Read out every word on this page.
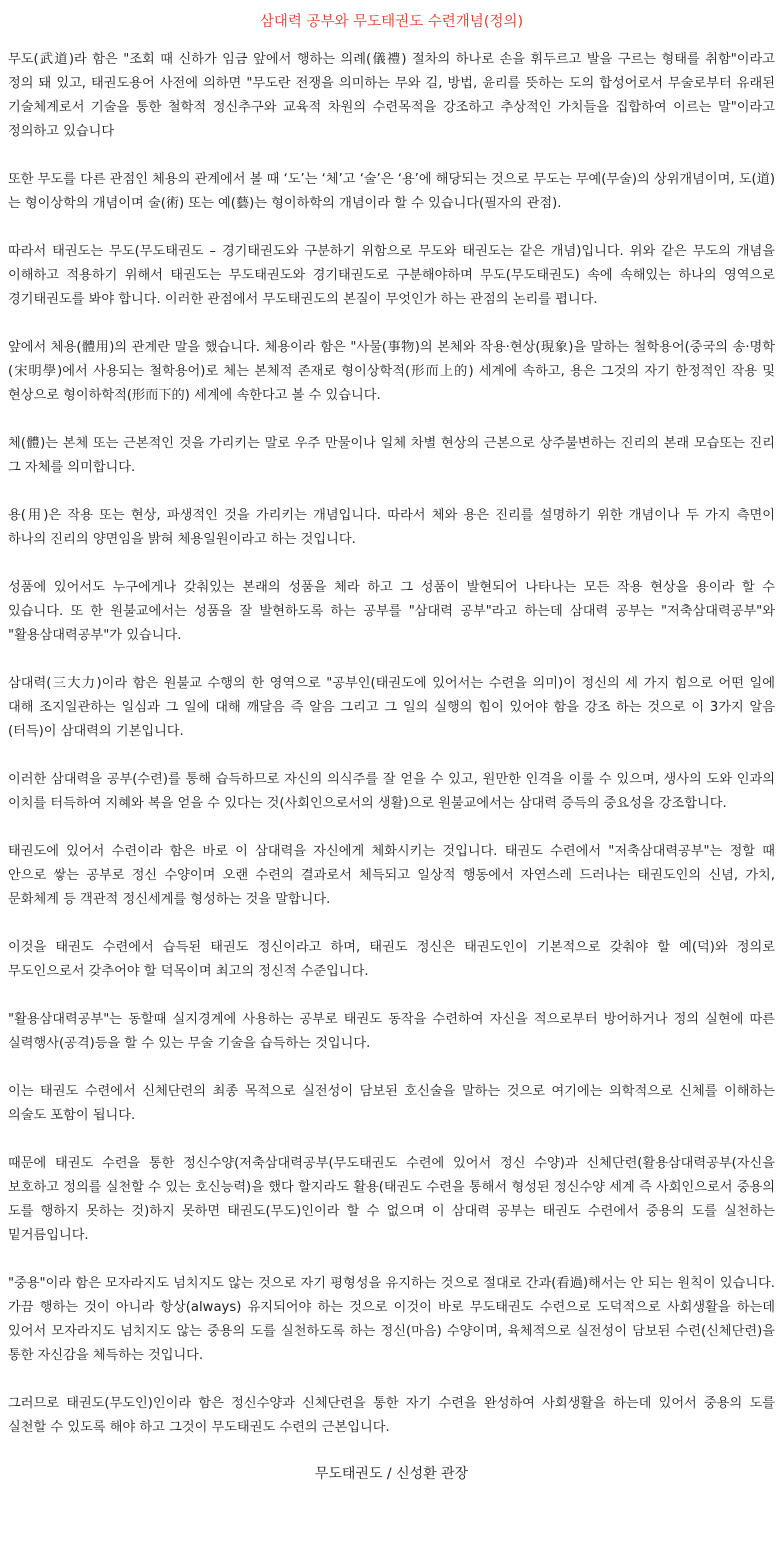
삼대력 공부와 무도태권도 수련개념(정의)
무도(武道)라 함은 "조회 때 신하가 임금 앞에서 행하는 의례(儀禮) 절차의 하나로 손을 휘두르고 발을 구르는 형태를 취함"이라고 정의 돼 있고, 태권도용어 사전에 의하면 "무도란 전쟁을 의미하는 무와 길, 방법, 윤리를 뜻하는 도의 합성어로서 무술로부터 유래된 기술체계로서 기술을 통한 철학적 정신추구와 교육적 차원의 수련목적을 강조하고 추상적인 가치들을 집합하여 이르는 말"이라고 정의하고 있습니다
또한 무도를 다른 관점인 체용의 관계에서 볼 때 ‘도’는 ‘체’고 ‘술’은 ‘용’에 해당되는 것으로 무도는 무예(무술)의 상위개념이며, 도(道)는 형이상학의 개념이며 술(術) 또는 예(藝)는 형이하학의 개념이라 할 수 있습니다(필자의 관점).
따라서 태권도는 무도(무도태권도 – 경기태권도와 구분하기 위함으로 무도와 태권도는 같은 개념)입니다. 위와 같은 무도의 개념을 이해하고 적용하기 위해서 태권도는 무도태권도와 경기태권도로 구분해야하며 무도(무도태권도) 속에 속해있는 하나의 영역으로 경기태권도를 봐야 합니다. 이러한 관점에서 무도태권도의 본질이 무엇인가 하는 관점의 논리를 폅니다.
앞에서 체용(體用)의 관계란 말을 했습니다. 체용이라 함은 "사물(事物)의 본체와 작용·현상(現象)을 말하는 철학용어(중국의 송·명학(宋明學)에서 사용되는 철학용어)로 체는 본체적 존재로 형이상학적(形而上的) 세계에 속하고, 용은 그것의 자기 한정적인 작용 및 현상으로 형이하학적(形而下的) 세계에 속한다고 볼 수 있습니다.
체(體)는 본체 또는 근본적인 것을 가리키는 말로 우주 만물이나 일체 차별 현상의 근본으로 상주불변하는 진리의 본래 모습또는 진리 그 자체를 의미합니다.
용(用)은 작용 또는 현상, 파생적인 것을 가리키는 개념입니다. 따라서 체와 용은 진리를 설명하기 위한 개념이나 두 가지 측면이 하나의 진리의 양면임을 밝혀 체용일원이라고 하는 것입니다.
성품에 있어서도 누구에게나 갖춰있는 본래의 성품을 체라 하고 그 성품이 발현되어 나타나는 모든 작용 현상을 용이라 할 수 있습니다. 또 한 원불교에서는 성품을 잘 발현하도록 하는 공부를 "삼대력 공부"라고 하는데 삼대력 공부는 "저축삼대력공부"와 "활용삼대력공부"가 있습니다.
삼대력(三大力)이라 함은 원불교 수행의 한 영역으로 "공부인(태권도에 있어서는 수련을 의미)이 정신의 세 가지 힘으로 어떤 일에 대해 조지일관하는 일심과 그 일에 대해 깨달음 즉 알음 그리고 그 일의 실행의 힘이 있어야 함을 강조 하는 것으로 이 3가지 알음(터득)이 삼대력의 기본입니다.
이러한 삼대력을 공부(수련)를 통해 습득하므로 자신의 의식주를 잘 얻을 수 있고, 원만한 인격을 이룰 수 있으며, 생사의 도와 인과의 이치를 터득하여 지혜와 복을 얻을 수 있다는 것(사회인으로서의 생활)으로 원불교에서는 삼대력 증득의 중요성을 강조합니다.
태권도에 있어서 수련이라 함은 바로 이 삼대력을 자신에게 체화시키는 것입니다. 태권도 수련에서 "저축삼대력공부"는 정할 때 안으로 쌓는 공부로 정신 수양이며 오랜 수련의 결과로서 체득되고 일상적 행동에서 자연스레 드러나는 태권도인의 신념, 가치, 문화체계 등 객관적 정신세계를 형성하는 것을 말합니다.
이것을 태권도 수련에서 습득된 태권도 정신이라고 하며, 태권도 정신은 태권도인이 기본적으로 갖춰야 할 예(덕)와 정의로 무도인으로서 갖추어야 할 덕목이며 최고의 정신적 수준입니다.
"활용삼대력공부"는 동할때 실지경계에 사용하는 공부로 태권도 동작을 수련하여 자신을 적으로부터 방어하거나 정의 실현에 따른 실력행사(공격)등을 할 수 있는 무술 기술을 습득하는 것입니다.
이는 태권도 수련에서 신체단련의 최종 목적으로 실전성이 담보된 호신술을 말하는 것으로 여기에는 의학적으로 신체를 이해하는 의술도 포함이 됩니다.
때문에 태권도 수련을 통한 정신수양(저축삼대력공부(무도태권도 수련에 있어서 정신 수양)과 신체단련(활용삼대력공부(자신을 보호하고 정의를 실천할 수 있는 호신능력)을 했다 할지라도 활용(태권도 수련을 통해서 형성된 정신수양 세계 즉 사회인으로서 중용의 도를 행하지 못하는 것)하지 못하면 태권도(무도)인이라 할 수 없으며 이 삼대력 공부는 태권도 수련에서 중용의 도를 실천하는 밑거름입니다.
"중용"이라 함은 모자라지도 넘치지도 않는 것으로 자기 평형성을 유지하는 것으로 절대로 간과(看過)해서는 안 되는 원칙이 있습니다. 가끔 행하는 것이 아니라 항상(always) 유지되어야 하는 것으로 이것이 바로 무도태권도 수련으로 도덕적으로 사회생활을 하는데 있어서 모자라지도 넘치지도 않는 중용의 도를 실천하도록 하는 정신(마음) 수양이며, 육체적으로 실전성이 담보된 수련(신체단련)을 통한 자신감을 체득하는 것입니다.
그러므로 태권도(무도인)인이라 함은 정신수양과 신체단련을 통한 자기 수련을 완성하여 사회생활을 하는데 있어서 중용의 도를 실천할 수 있도록 해야 하고 그것이 무도태권도 수련의 근본입니다.
무도태권도 / 신성환 관장
